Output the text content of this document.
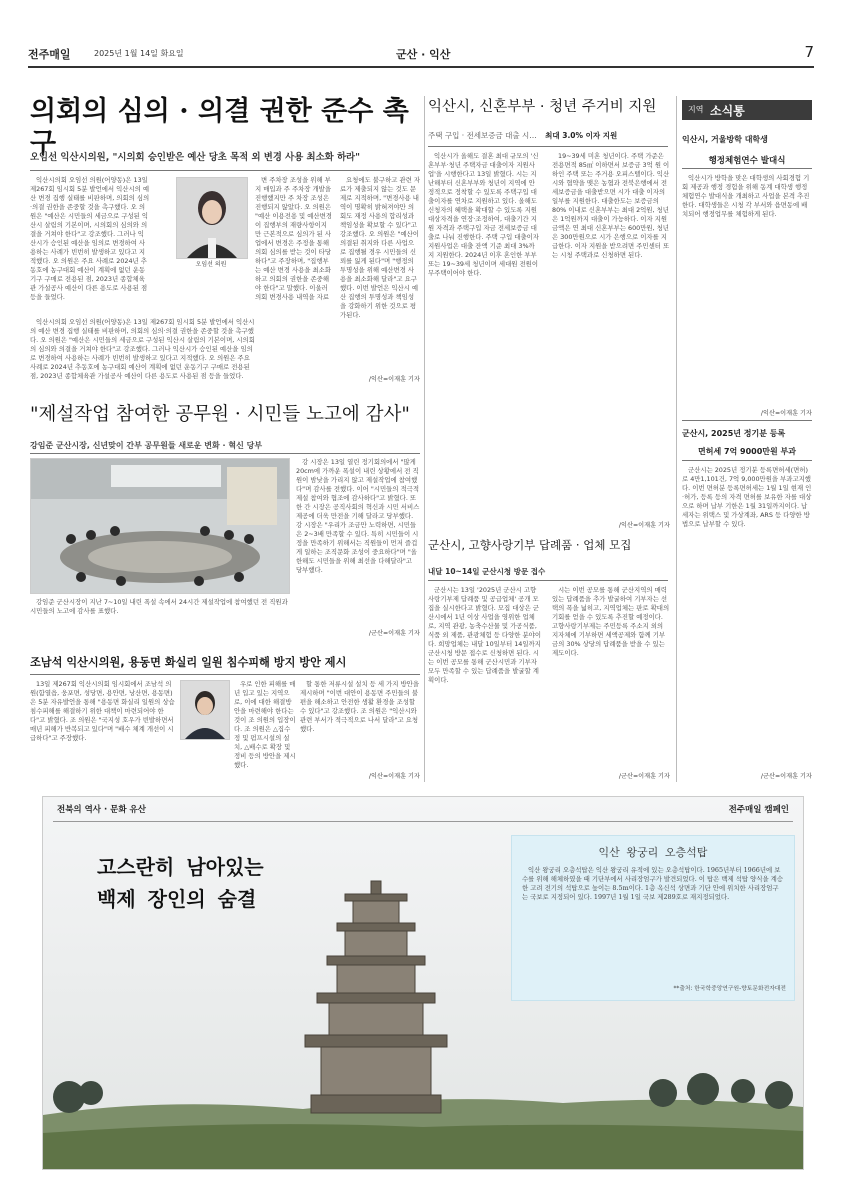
전주매일	2025년 1월 14일 화요일	군산 · 익산	7
의회의 심의 · 의결 권한 준수 촉구
오임선 익산시의원, "시의회 승인받은 예산 당초 목적 외 변경 사용 최소화 하라"

익산시의회 오임선 의원(어양동)은 13일 제267회 임시회 5분 발언에서 익산시의 예산 변경 집행 실태를 비판하며, 의회의 심의·의결 권한을 존중할 것을 촉구했다. 오 의원은 "예산은 시민들의 세금으로 구성된 익산시 살림의 기본이며, 시의회의 심의와 의결을 거쳐야 한다"고 강조했다. 그러나 익산시가 승인된 예산을 임의로 변경하여 사용하는 사례가 빈번히 발생하고 있다고 지적했다. 오 의원은 주요 사례로 2024년 추동호에 농구대회 예산이 계획에 없던 운동기구 구매로 전용된 점, 2023년 종합체육관 가설공사 예산이 다른 용도로 사용된 점 등을 들었다.

오임선 의원

변 주차장 조성을 위해 부지 매입과 주 주차장 개발을 진행했지만 주 차장 조성은 진행되지 않았다. 오 의원은 "예산 이용전용 및 예산변경이 집행부의 재량사항이지만 근본적으로 심의가 된 사업에서 변경은 주정을 통해 의회 심의를 받는 것이 타당하다"고 주장하며, "집행부는 예산 변경 사용을 최소화하고 의회의 권한을 존중해야 한다"고 말했다. 이울러 의회 변경사용 내역을 자료

요청에도 불구하고 관련 자료가 제출되지 않는 것도 문제로 지적하며, "변경사용 내역이 명확히 밝혀져야만 의회도 재정 사용의 합리성과 책임성을 확보할 수 있다"고 강조했다. 오 의원은 "예산이 의결된 취지와 다른 사업으로 집행될 경우 시민들의 신뢰를 잃게 된다"며 "행정의 투명성을 위해 예산변경 사용을 최소화해 달라"고 요구했다. 이번 발언은 익산시 예산 집행의 투명성과 책임성을 강화하기 위한 것으로 평가된다.

익산시의회 오임선 의원(어양동)은 13일 제267회 임시회 5분 발언에서 익산시의 예산 변경 집행 실태를 비판하며, 의회의 심의·의결 권한을 존중할 것을 촉구했다. 오 의원은 "예산은 시민들의 세금으로 구성된 익산시 살림의 기본이며, 시의회의 심의와 의결을 거쳐야 한다"고 강조했다. 그러나 익산시가 승인된 예산을 임의로 변경하여 사용하는 사례가 빈번히 발생하고 있다고 지적했다. 오 의원은 주요 사례로 2024년 추동호에 농구대회 예산이 계획에 없던 운동기구 구매로 전용된 점, 2023년 종합체육관 가설공사 예산이 다른 용도로 사용된 점 등을 들었다.	/익산=이재훈 기자
"제설작업 참여한 공무원 · 시민들 노고에 감사"
강임준 군산시장, 신년맞이 간부 공무원들 새로운 변화 · 혁신 당부

강임준 군산시장이 지난 7~10일 내린 폭설 속에서 24시간 제설작업에 참여했던 전 직원과 시민들의 노고에 감사를 표했다.

강 시장은 13일 열린 정기회의에서 "많게 20cm에 가까운 폭설이 내린 상황에서 전 직원이 밤낮을 가리지 않고 제설작업에 참여했다"며 감사를 전했다. 이어 "시민들의 적극적 제설 참여와 협조에 감사하다"고 밝혔다. 또한 간 시장은 공직사회의 혁신과 시민 서비스 제공에 더욱 만전을 기해 달라고 당부했다. 강 시장은 "우리가 조금만 노력하면, 시민들은 2~3배 만족할 수 있다. 특히 시민들이 시정을 만족하기 위해서는 직원들이 먼저 즐겁게 일하는 조직문화 조성이 중요하다"며 "올 한해도 시민들을 위해 최선을 다해달라"고 당부했다.

/군산=이재훈 기자
조남석 익산시의원, 용동면 화실리 일원 침수피해 방지 방안 제시

13일 제267회 익산시의회 임시회에서 조남석 의원(함열읍, 웅포면, 성당면, 용안면, 낭산면, 용동면)은 5분 자유발언을 통해 "용동면 화실리 일원의 상습 침수피해를 해결하기 위한 대책이 마련되어야 한다"고 밝혔다. 조 의원은 "국지성 호우가 빈발하면서 매년 피해가 반복되고 있다"며 "배수 체계 개선이 시급하다"고 주장했다.

우로 인한 피해를 매년 입고 있는 지역으로, 이에 대한 해결방안을 마련해야 한다는 것이 조 의원의 입장이다. 조 의원은 △집수정 및 펌프시설의 설치, △배수로 확장 및 정비 등의 방안을 제시했다.

할 통한 저류시설 설치 등 세 가지 방안을 제시하며 "이번 대안이 용동면 주민들의 불편을 해소하고 안전한 생활 환경을 조성할 수 있다"고 강조했다. 조 의원은 "익산시와 관련 부서가 적극적으로 나서 달라"고 요청했다.

/익산=이재훈 기자
익산시, 신혼부부 · 청년 주거비 지원
주택 구입 · 전세보증금 대출 시… 최대 3.0% 이자 지원

익산시가 올해도 결혼 최대 규모의 '신혼부부·청년 주택자금 대출이자 지원사업'을 시행한다고 13일 밝혔다. 시는 지난해부터 신혼부부와 청년이 지역에 안정적으로 정착할 수 있도록 주택구입 대출이자를 연차로 지원하고 있다. 올해도 신청자의 혜택을 확대할 수 있도록 지원 대상자격을 연장·조정하여, 대출기간 지원 자격과 주택구입 자금 전세보증금 대출로 나눠 진행한다. 주택 구입 대출이자 지원사업은 대출 잔액 기준 최대 3%까지 지원한다. 2024년 이후 혼인한 부부 또는 19~39세 청년이며 세대원 전원이 무주택이어야 한다.

19~39세 미혼 청년이다. 주택 가준은 전용면적 85㎡ 이하면서 보증금 3억 원 이하인 주택 또는 주거용 오피스텔이다. 익산시와 협약을 맺은 농협과 전북은행에서 전세보증금을 대출받으면 시가 대출 이자의 일부를 지원한다. 대출한도는 보증금의 80% 이내로 신혼부부는 최대 2억원, 청년은 1억원까지 대출이 가능하다. 이자 지원 금액은 연 최대 신혼부부는 600만원, 청년은 300만원으로 시가 은행으로 이자를 지급한다. 이자 지원을 받으려면 주민센터 또는 시청 주택과로 신청하면 된다.

/익산=이재훈 기자
군산시, 고향사랑기부 답례품 · 업체 모집
내달 10~14일 군산시청 방문 접수

군산시는 13일 '2025년 군산시 고향사랑기부제 답례품 및 공급업체' 공개 모집을 실시한다고 밝혔다. 모집 대상은 군산시에서 1년 이상 사업을 영위한 업체로, 지역 관광, 농축수산물 및 가공식품, 식품 외 제품, 관광체험 등 다양한 분야이다. 희망업체는 내달 10일부터 14일까지 군산시청 방문 접수로 신청하면 된다. 시는 이번 공모를 통해 군산시민과 기부자 모두 만족할 수 있는 답례품을 발굴할 계획이다.

시는 이번 공모를 통해 군산지역의 매력 있는 답례품을 추가 발굴하여 기부자는 선택의 폭을 넓히고, 지역업체는 판로 확대의 기회를 얻을 수 있도록 추진할 예정이다. 고향사랑기부제는 주민등록 주소지 외의 지자체에 기부하면 세액공제와 함께 기부금의 30% 상당의 답례품을 받을 수 있는 제도이다.

/군산=이재훈 기자
지역 소식통
익산시, 거울방학 대학생
행정체험연수 발대식

익산시가 방학을 맞은 대학생의 사회경험 기회 제공과 행정 경험을 위해 동계 대학생 행정체험연수 발대식을 개최하고 사업을 본격 추진한다. 대학생들은 시청 각 부서와 읍면동에 배치되어 행정업무를 체험하게 된다.

/익산=이재훈 기자
군산시, 2025년 정기분 등록
면허세 7억 9000만원 부과

군산시는 2025년 정기분 등록면허세(면허)로 4만1,101건, 7억 9,000만원을 부과고지했다. 이번 면허분 등록면허세는 1월 1일 현재 인·허가, 등록 등의 자격 면허를 보유한 자를 대상으로 하며 납부 기한은 1월 31일까지이다. 납세자는 위택스 및 가상계좌, ARS 등 다양한 방법으로 납부할 수 있다.

/군산=이재훈 기자
전북의 역사 · 문화 유산	전주매일 캠페인
고스란히 남아있는
백제 장인의 숨결
익산 왕궁리 오층석탑

익산 왕궁리 오층석탑은 익산 왕궁리 유적에 있는 오층석탑이다. 1965년부터 1966년에 보수를 위해 해체하였을 때 기단부에서 사리장엄구가 발견되었다. 이 탑은 백제 석탑 양식을 계승한 고려 전기의 석탑으로 높이는 8.5m이다. 1층 옥신석 상면과 기단 안에 위치한 사리장엄구는 국보로 지정되어 있다. 1997년 1월 1일 국보 제289호로 재지정되었다.

**출처: 한국학중앙연구원-향토문화전자대전
